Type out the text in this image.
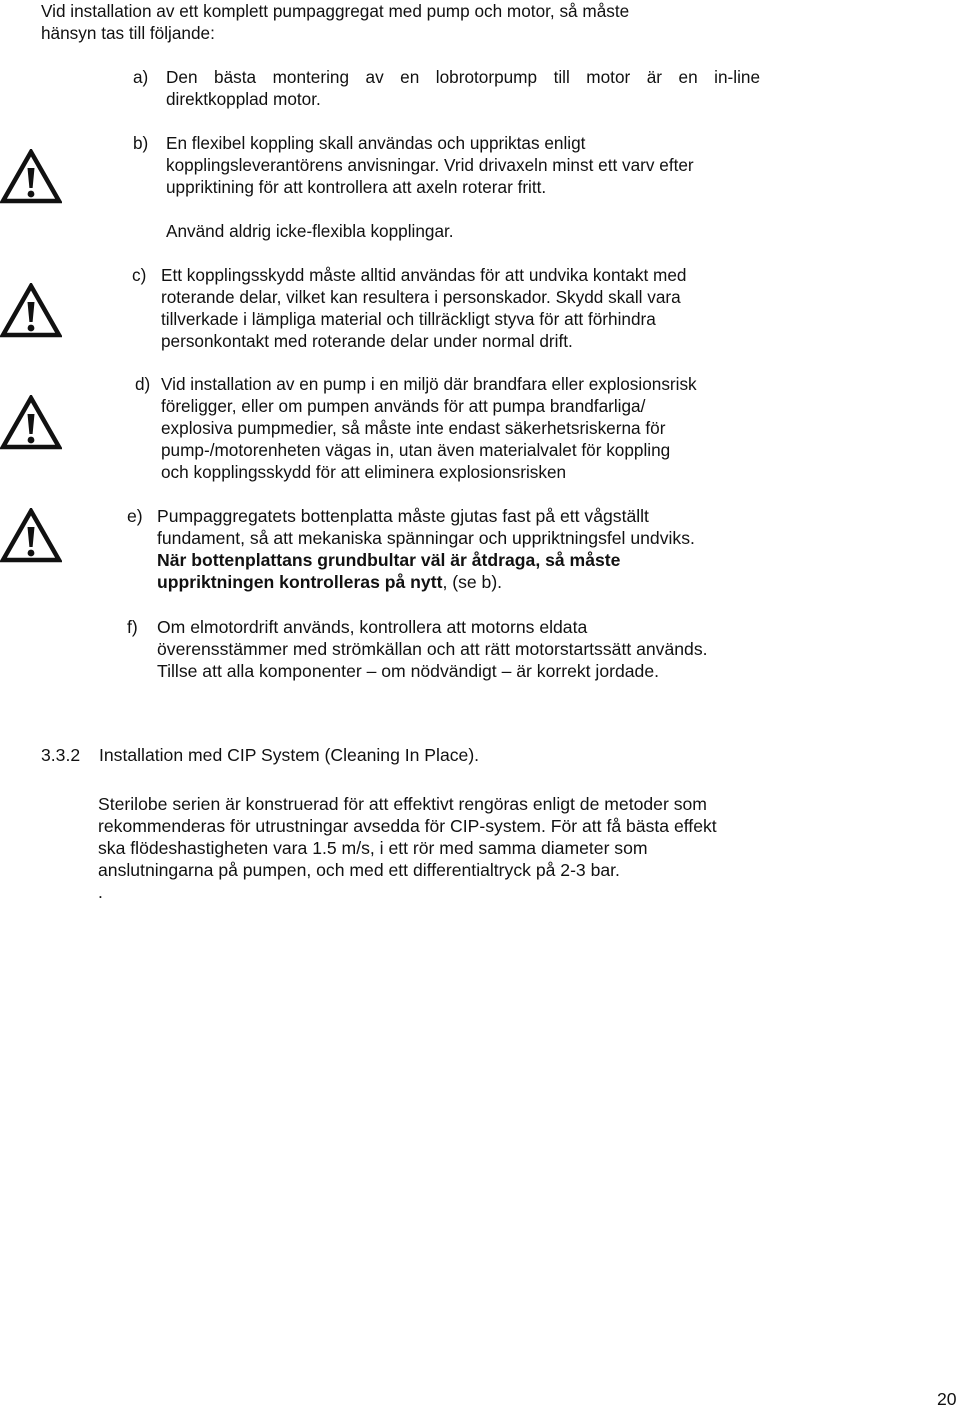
Vid installation av ett komplett pumpaggregat med pump och motor, så måste
hänsyn tas till följande:
a) Den bästa montering av en lobrotorpump till motor är en in-line
direktkopplad motor.
b) En flexibel koppling skall användas och uppriktas enligt
kopplingsleverantörens anvisningar. Vrid drivaxeln minst ett varv efter
uppriktining för att kontrollera att axeln roterar fritt.
Använd aldrig icke-flexibla kopplingar.
c) Ett kopplingsskydd måste alltid användas för att undvika kontakt med
roterande delar, vilket kan resultera i personskador. Skydd skall vara
tillverkade i lämpliga material och tillräckligt styva för att förhindra
personkontakt med roterande delar under normal drift.
d) Vid installation av en pump i en miljö där brandfara eller explosionsrisk
föreligger, eller om pumpen används för att pumpa brandfarliga/
explosiva pumpmedier, så måste inte endast säkerhetsriskerna för
pump-/motorenheten vägas in, utan även materialvalet för koppling
och kopplingsskydd för att eliminera explosionsrisken
e) Pumpaggregatets bottenplatta måste gjutas fast på ett vågställt
fundament, så att mekaniska spänningar och uppriktningsfel undviks.
När bottenplattans grundbultar väl är åtdraga, så måste
uppriktningen kontrolleras på nytt, (se b).
f) Om elmotordrift används, kontrollera att motorns eldata
överensstämmer med strömkällan och att rätt motorstartssätt används.
Tillse att alla komponenter – om nödvändigt – är korrekt jordade.
3.3.2 Installation med CIP System (Cleaning In Place).
Sterilobe serien är konstruerad för att effektivt rengöras enligt de metoder som
rekommenderas för utrustningar avsedda för CIP-system. För att få bästa effekt
ska flödeshastigheten vara 1.5 m/s, i ett rör med samma diameter som
anslutningarna på pumpen, och med ett differentialtryck på 2-3 bar.
.
20
